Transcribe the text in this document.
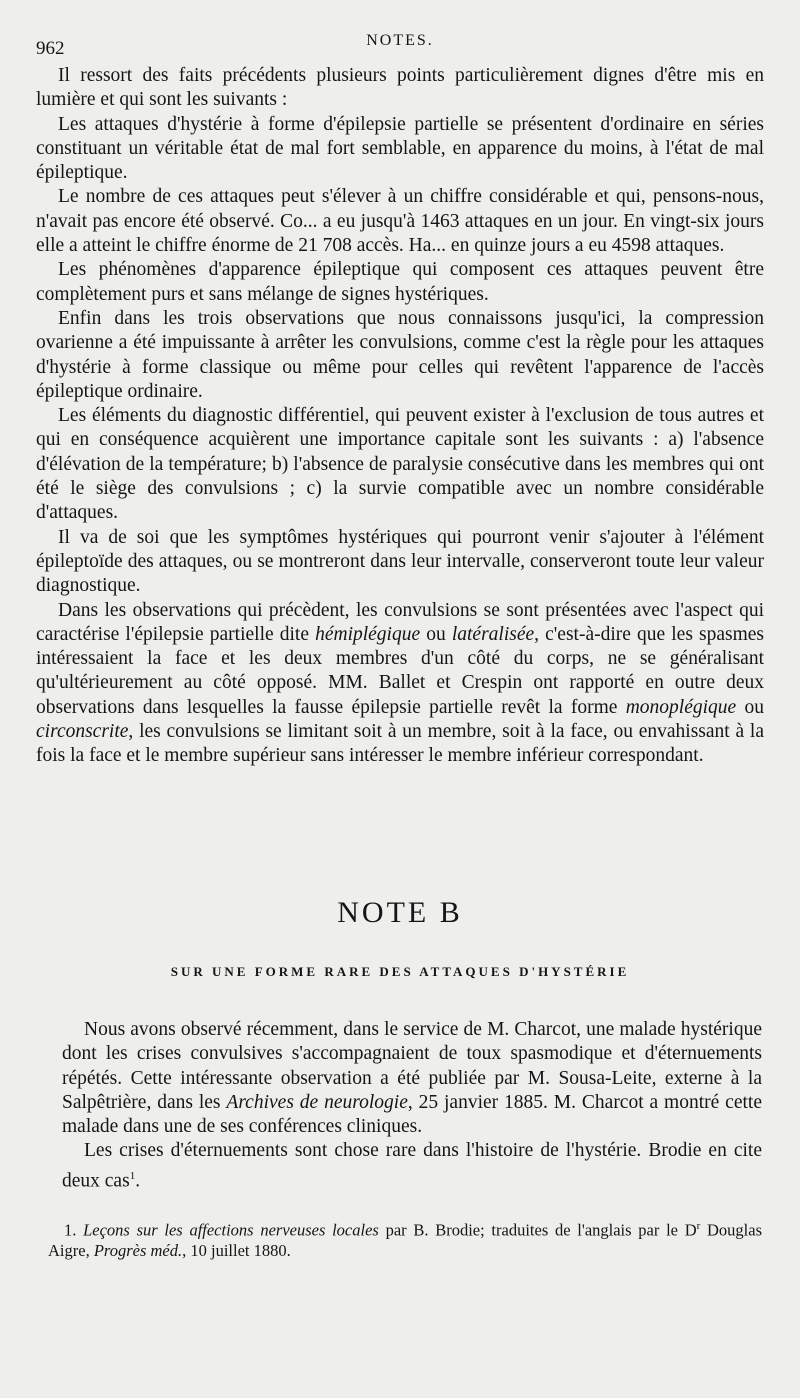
962	NOTES.

Il ressort des faits précédents plusieurs points particulièrement dignes d'être mis en lumière et qui sont les suivants :

Les attaques d'hystérie à forme d'épilepsie partielle se présentent d'ordinaire en séries constituant un véritable état de mal fort semblable, en apparence du moins, à l'état de mal épileptique.

Le nombre de ces attaques peut s'élever à un chiffre considérable et qui, pensons-nous, n'avait pas encore été observé. Co... a eu jusqu'à 1463 attaques en un jour. En vingt-six jours elle a atteint le chiffre énorme de 21 708 accès. Ha... en quinze jours a eu 4598 attaques.

Les phénomènes d'apparence épileptique qui composent ces attaques peuvent être complètement purs et sans mélange de signes hystériques.

Enfin dans les trois observations que nous connaissons jusqu'ici, la compression ovarienne a été impuissante à arrêter les convulsions, comme c'est la règle pour les attaques d'hystérie à forme classique ou même pour celles qui revêtent l'apparence de l'accès épileptique ordinaire.

Les éléments du diagnostic différentiel, qui peuvent exister à l'exclusion de tous autres et qui en conséquence acquièrent une importance capitale sont les suivants : a) l'absence d'élévation de la température; b) l'absence de paralysie consécutive dans les membres qui ont été le siège des convulsions ; c) la survie compatible avec un nombre considérable d'attaques.

Il va de soi que les symptômes hystériques qui pourront venir s'ajouter à l'élément épileptoïde des attaques, ou se montreront dans leur intervalle, conserveront toute leur valeur diagnostique.

Dans les observations qui précèdent, les convulsions se sont présentées avec l'aspect qui caractérise l'épilepsie partielle dite hémiplégique ou latéralisée, c'est-à-dire que les spasmes intéressaient la face et les deux membres d'un côté du corps, ne se généralisant qu'ultérieurement au côté opposé. MM. Ballet et Crespin ont rapporté en outre deux observations dans lesquelles la fausse épilepsie partielle revêt la forme monoplégique ou circonscrite, les convulsions se limitant soit à un membre, soit à la face, ou envahissant à la fois la face et le membre supérieur sans intéresser le membre inférieur correspondant.

NOTE B
SUR UNE FORME RARE DES ATTAQUES D'HYSTÉRIE

Nous avons observé récemment, dans le service de M. Charcot, une malade hystérique dont les crises convulsives s'accompagnaient de toux spasmodique et d'éternuements répétés. Cette intéressante observation a été publiée par M. Sousa-Leite, externe à la Salpêtrière, dans les Archives de neurologie, 25 janvier 1885. M. Charcot a montré cette malade dans une de ses conférences cliniques.

Les crises d'éternuements sont chose rare dans l'histoire de l'hystérie. Brodie en cite deux cas$^1$.

1. Leçons sur les affections nerveuses locales par B. Brodie; traduites de l'anglais par le $D^r$ Douglas Aigre, Progrès méd., 10 juillet 1880.
